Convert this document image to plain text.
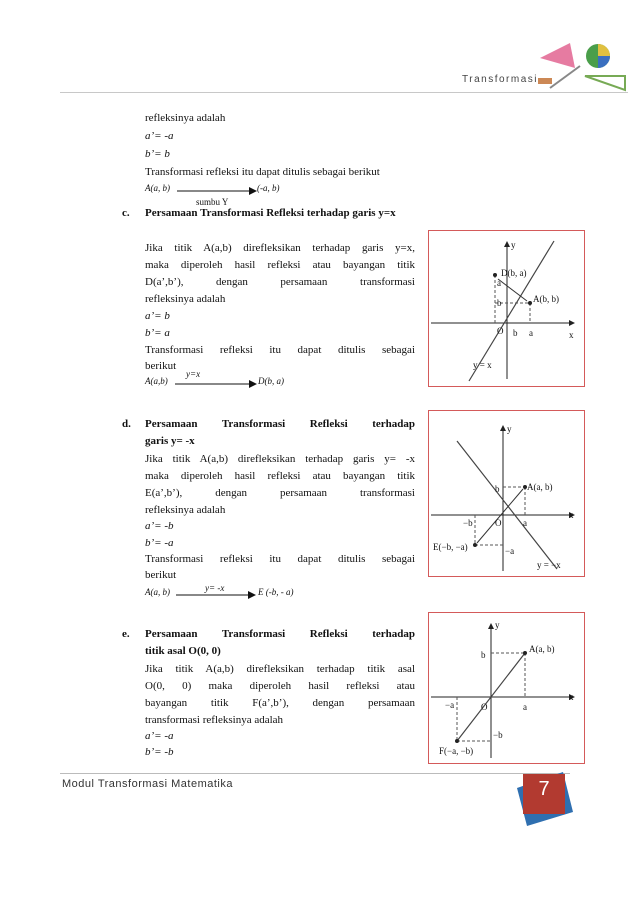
Transformasi
refleksinya adalah
a’= -a
b’= b
Transformasi refleksi itu dapat ditulis sebagai berikut
A(a, b)	(-a, b)
sumbu Y
c. Persamaan Transformasi Refleksi terhadap garis y=x
Jika titik A(a,b) direfleksikan terhadap garis y=x,
maka diperoleh hasil refleksi atau bayangan titik
D(a’,b’), dengan persamaan transformasi
refleksinya adalah
a’= b
b’= a
Transformasi refleksi itu dapat ditulis sebagai
berikut
A(a,b)
y=x
D(b, a)
y
x
D(b, a)
A(b, b)
a
b
O b a
y = x
d. Persamaan Transformasi Refleksi terhadap
garis y= -x
Jika titik A(a,b) direfleksikan terhadap garis y= -x
maka diperoleh hasil refleksi atau bayangan titik
E(a’,b’), dengan persamaan transformasi
refleksinya adalah
a’= -b
b’= -a
Transformasi refleksi itu dapat ditulis sebagai
berikut
A(a, b)	y= -x	E (-b, - a)
y
x
A(a, b)
b
−b O a
E(−b, −a)	−a
y = −x
e. Persamaan Transformasi Refleksi terhadap
titik asal O(0, 0)
Jika titik A(a,b) direfleksikan terhadap titik asal
O(0, 0) maka diperoleh hasil refleksi atau
bayangan titik F(a’,b’), dengan persamaan
transformasi refleksinya adalah
a’= -a
b’= -b
y
x
A(a, b)
b
−a	O	a
−b
F(−a, −b)
Modul Transformasi Matematika	7
